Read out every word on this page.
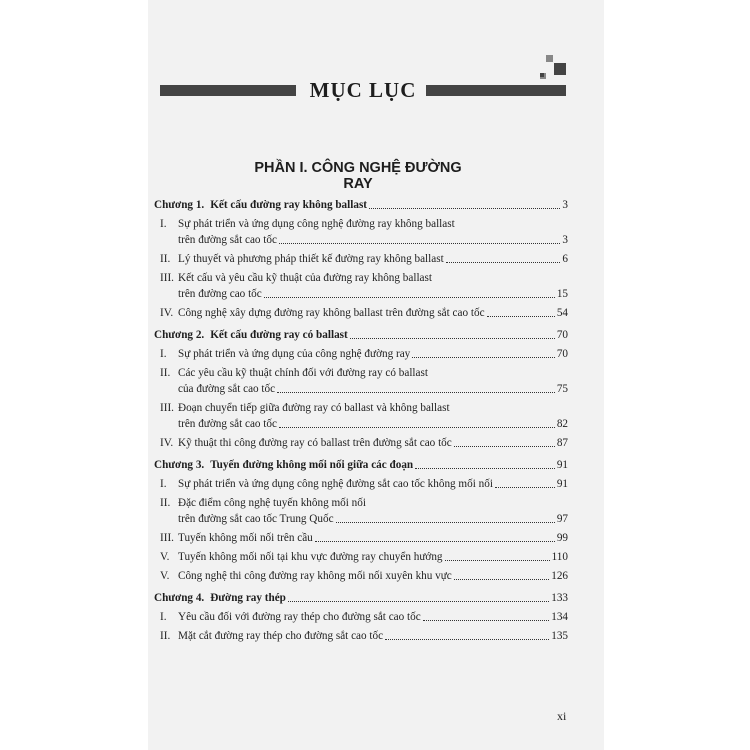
MỤC LỤC
PHẦN I. CÔNG NGHỆ ĐƯỜNG RAY
Chương 1. Kết cấu đường ray không ballast	3
I.	Sự phát triển và ứng dụng công nghệ đường ray không ballast
trên đường sắt cao tốc	3
II. Lý thuyết và phương pháp thiết kế đường ray không ballast	6
III. Kết cấu và yêu cầu kỹ thuật của đường ray không ballast
trên đường cao tốc	15
IV. Công nghệ xây dựng đường ray không ballast trên đường sắt cao tốc	54
Chương 2. Kết cấu đường ray có ballast	70
I.	Sự phát triển và ứng dụng của công nghệ đường ray	70
II. Các yêu cầu kỹ thuật chính đối với đường ray có ballast
của đường sắt cao tốc	75
III. Đoạn chuyển tiếp giữa đường ray có ballast và không ballast
trên đường sắt cao tốc	82
IV. Kỹ thuật thi công đường ray có ballast trên đường sắt cao tốc	87
Chương 3. Tuyến đường không mối nối giữa các đoạn	91
I.	Sự phát triển và ứng dụng công nghệ đường sắt cao tốc không mối nối	91
II. Đặc điểm công nghệ tuyến không mối nối
trên đường sắt cao tốc Trung Quốc	97
III. Tuyến không mối nối trên cầu	99
V. Tuyến không mối nối tại khu vực đường ray chuyển hướng	110
V. Công nghệ thi công đường ray không mối nối xuyên khu vực	126
Chương 4. Đường ray thép	133
I.	Yêu cầu đối với đường ray thép cho đường sắt cao tốc	134
II. Mặt cắt đường ray thép cho đường sắt cao tốc	135
xi
